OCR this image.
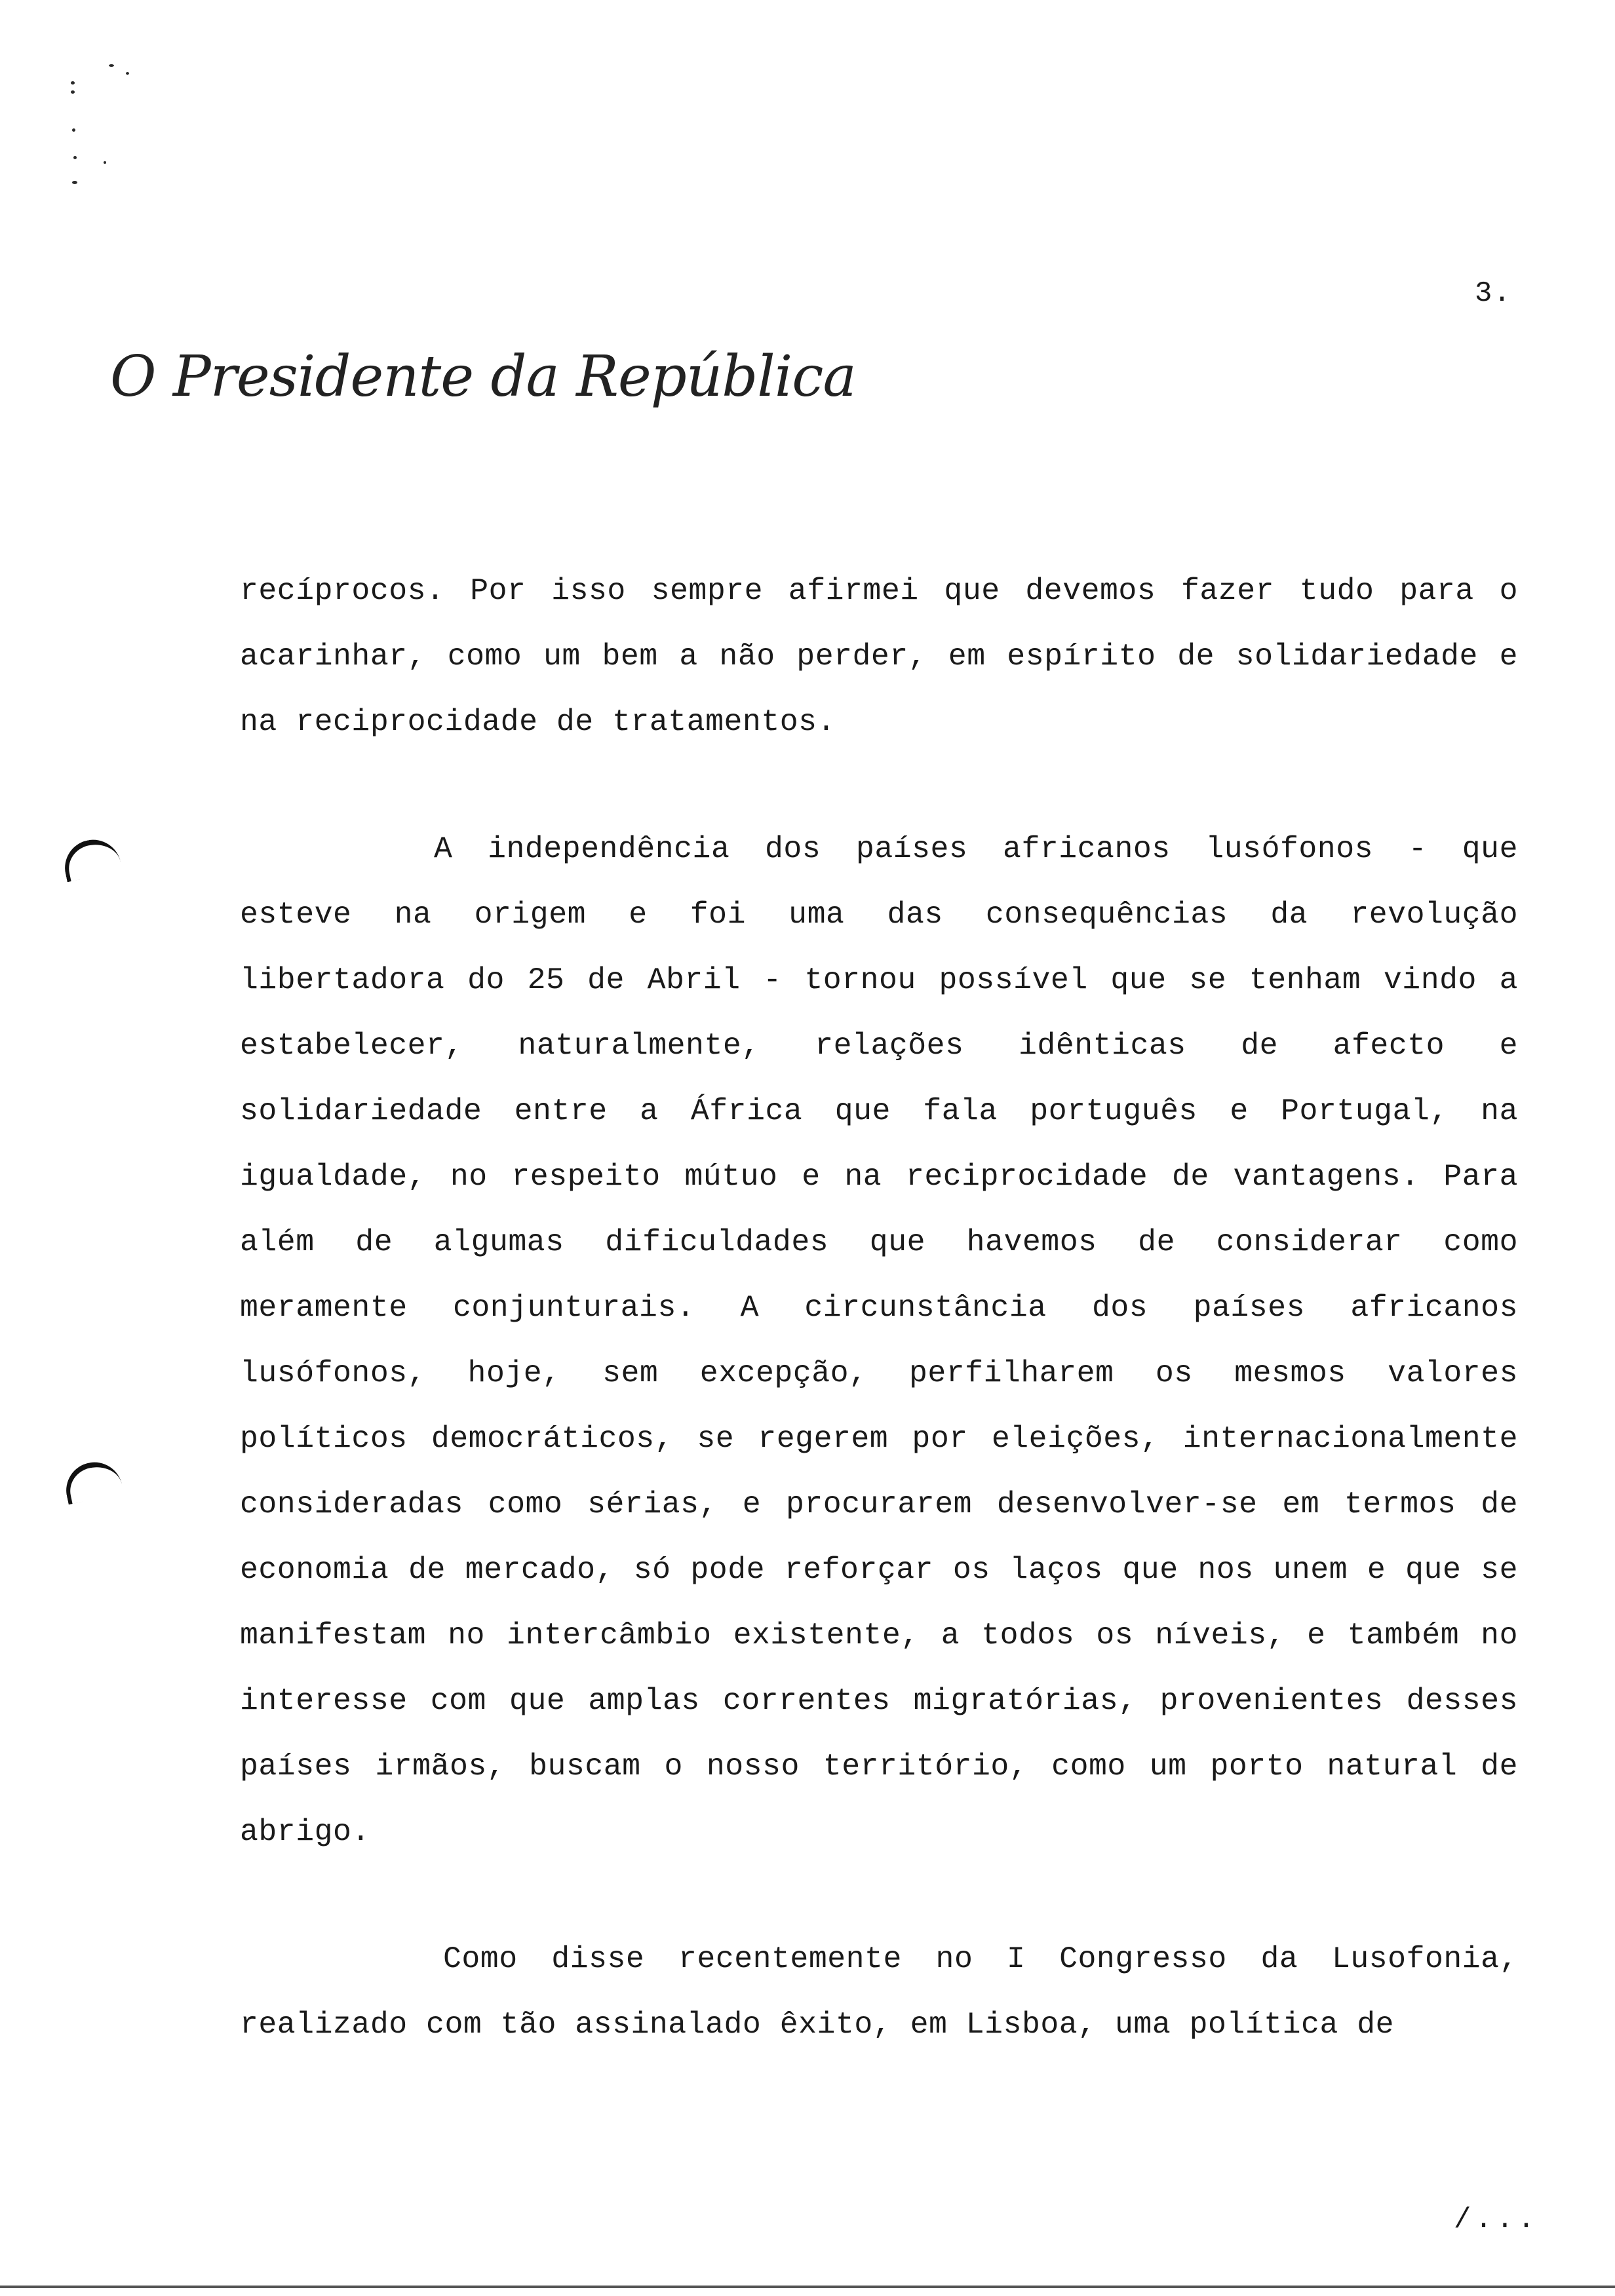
3.
O Presidente da República

recíprocos. Por isso sempre afirmei que devemos fazer tudo para o acarinhar, como um bem a não perder, em espírito de solidariedade e na reciprocidade de tratamentos.

A independência dos países africanos lusófonos - que esteve na origem e foi uma das consequências da revolução libertadora do 25 de Abril - tornou possível que se tenham vindo a estabelecer, naturalmente, relações idênticas de afecto e solidariedade entre a África que fala português e Portugal, na igualdade, no respeito mútuo e na reciprocidade de vantagens. Para além de algumas dificuldades que havemos de considerar como meramente conjunturais. A circunstância dos países africanos lusófonos, hoje, sem excepção, perfilharem os mesmos valores políticos democráticos, se regerem por eleições, internacionalmente consideradas como sérias, e procurarem desenvolver-se em termos de economia de mercado, só pode reforçar os laços que nos unem e que se manifestam no intercâmbio existente, a todos os níveis, e também no interesse com que amplas correntes migratórias, provenientes desses países irmãos, buscam o nosso território, como um porto natural de abrigo.

Como disse recentemente no I Congresso da Lusofonia, realizado com tão assinalado êxito, em Lisboa, uma política de

/...
